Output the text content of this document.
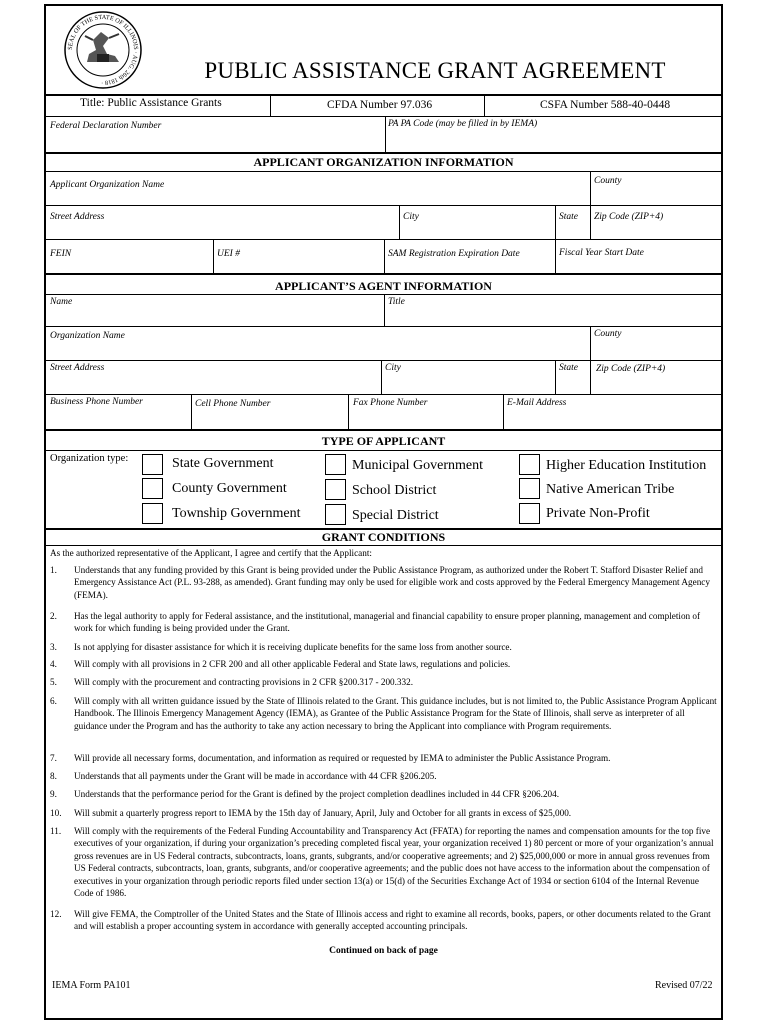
SEAL OF THE STATE OF ILLINOIS · AUG. 26th 1818 ·	PUBLIC ASSISTANCE GRANT AGREEMENT
Title: Public Assistance Grants	CFDA Number 97.036	CSFA Number 588-40-0448
Federal Declaration Number	PA PA Code (may be filled in by IEMA)
APPLICANT ORGANIZATION INFORMATION
Applicant Organization Name	County
Street Address	City	State Zip Code (ZIP+4)
FEIN	UEI #	SAM Registration Expiration Date	Fiscal Year Start Date
APPLICANT’S AGENT INFORMATION
Name	Title
Organization Name	County
Street Address	City	State Zip Code (ZIP+4)
Business Phone Number	Cell Phone Number	Fax Phone Number	E-Mail Address
TYPE OF APPLICANT
Organization type:	State Government
County Government
Township Government
Municipal Government
School District
Special District
Higher Education Institution
Native American Tribe
Private Non-Profit
GRANT CONDITIONS
As the authorized representative of the Applicant, I agree and certify that the Applicant:
1. Understands that any funding provided by this Grant is being provided under the Public Assistance Program, as authorized under the Robert T. Stafford Disaster Relief and Emergency Assistance Act (P.L. 93-288, as amended). Grant funding may only be used for eligible work and costs approved by the Federal Emergency Management Agency (FEMA).
2. Has the legal authority to apply for Federal assistance, and the institutional, managerial and financial capability to ensure proper planning, management and completion of work for which funding is being provided under the Grant.
3. Is not applying for disaster assistance for which it is receiving duplicate benefits for the same loss from another source.
4. Will comply with all provisions in 2 CFR 200 and all other applicable Federal and State laws, regulations and policies.
5. Will comply with the procurement and contracting provisions in 2 CFR §200.317 - 200.332.
6. Will comply with all written guidance issued by the State of Illinois related to the Grant. This guidance includes, but is not limited to, the Public Assistance Program Applicant Handbook. The Illinois Emergency Management Agency (IEMA), as Grantee of the Public Assistance Program for the State of Illinois, shall serve as interpreter of all guidance under the Program and has the authority to take any action necessary to bring the Applicant into compliance with Program requirements.
7. Will provide all necessary forms, documentation, and information as required or requested by IEMA to administer the Public Assistance Program.
8. Understands that all payments under the Grant will be made in accordance with 44 CFR §206.205.
9. Understands that the performance period for the Grant is defined by the project completion deadlines included in 44 CFR §206.204.
10. Will submit a quarterly progress report to IEMA by the 15th day of January, April, July and October for all grants in excess of $25,000.
11. Will comply with the requirements of the Federal Funding Accountability and Transparency Act (FFATA) for reporting the names and compensation amounts for the top five executives of your organization, if during your organization’s preceding completed fiscal year, your organization received 1) 80 percent or more of your organization’s annual gross revenues are in US Federal contracts, subcontracts, loans, grants, subgrants, and/or cooperative agreements; and 2) $25,000,000 or more in annual gross revenues from US Federal contracts, subcontracts, loan, grants, subgrants, and/or cooperative agreements; and the public does not have access to the information about the compensation of executives in your organization through periodic reports filed under section 13(a) or 15(d) of the Securities Exchange Act of 1934 or section 6104 of the Internal Revenue Code of 1986.
12. Will give FEMA, the Comptroller of the United States and the State of Illinois access and right to examine all records, books, papers, or other documents related to the Grant and will establish a proper accounting system in accordance with generally accepted accounting principals.
Continued on back of page
IEMA Form PA101	Revised 07/22
